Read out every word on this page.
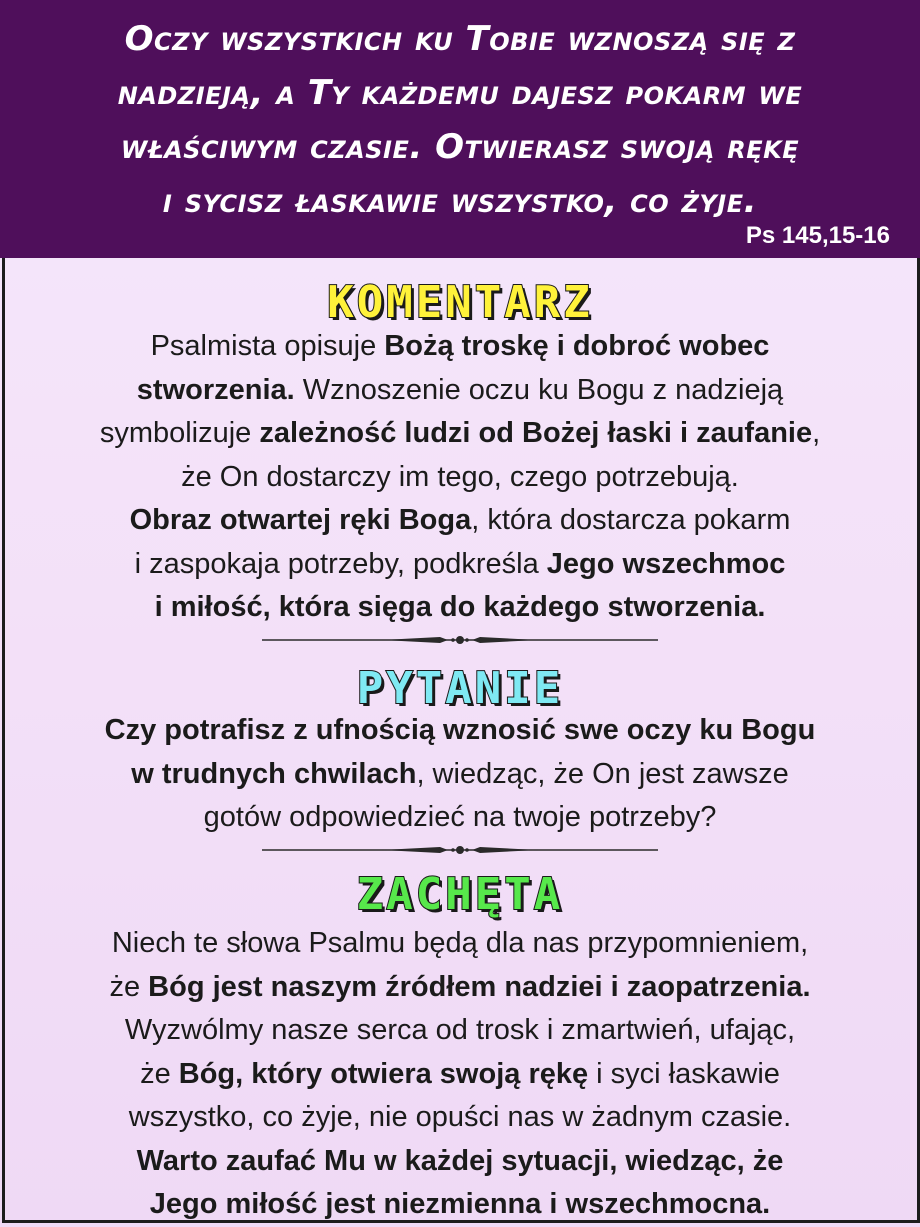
Oczy wszystkich ku Tobie wznoszą się z
nadzieją, a Ty każdemu dajesz pokarm we
właściwym czasie. Otwierasz swoją rękę
i sycisz łaskawie wszystko, co żyje.
Ps 145,15-16
KOMENTARZ
Psalmista opisuje Bożą troskę i dobroć wobec
stworzenia. Wznoszenie oczu ku Bogu z nadzieją
symbolizuje zależność ludzi od Bożej łaski i zaufanie,
że On dostarczy im tego, czego potrzebują.
Obraz otwartej ręki Boga, która dostarcza pokarm
i zaspokaja potrzeby, podkreśla Jego wszechmoc
i miłość, która sięga do każdego stworzenia.
PYTANIE
Czy potrafisz z ufnością wznosić swe oczy ku Bogu
w trudnych chwilach, wiedząc, że On jest zawsze
gotów odpowiedzieć na twoje potrzeby?
ZACHĘTA
Niech te słowa Psalmu będą dla nas przypomnieniem,
że Bóg jest naszym źródłem nadziei i zaopatrzenia.
Wyzwólmy nasze serca od trosk i zmartwień, ufając,
że Bóg, który otwiera swoją rękę i syci łaskawie
wszystko, co żyje, nie opuści nas w żadnym czasie.
Warto zaufać Mu w każdej sytuacji, wiedząc, że
Jego miłość jest niezmienna i wszechmocna.
